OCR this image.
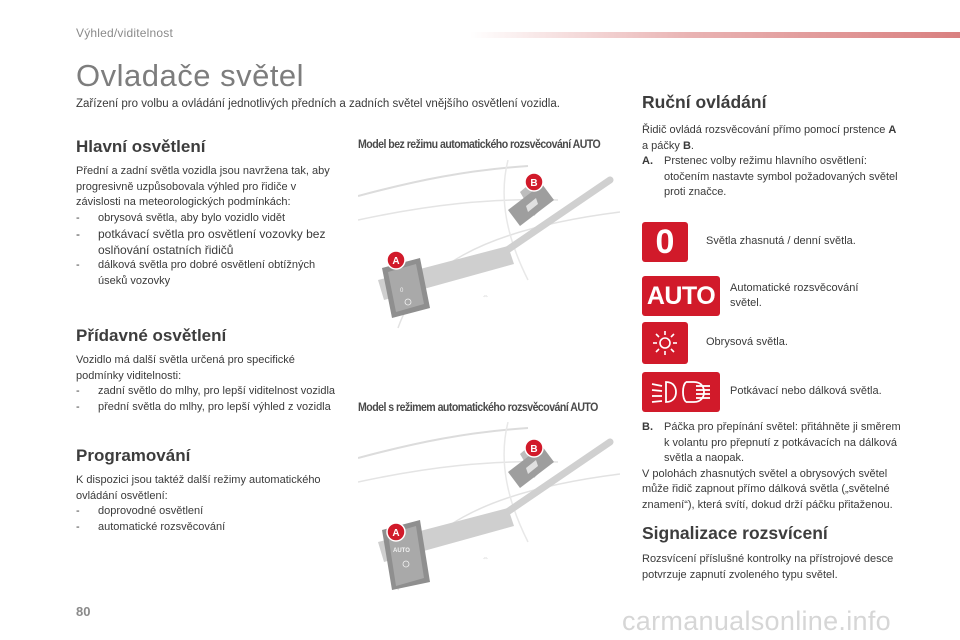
Výhled/viditelnost
Ovladače světel

Zařízení pro volbu a ovládání jednotlivých předních a zadních světel vnějšího osvětlení vozidla.

Hlavní osvětlení

Přední a zadní světla vozidla jsou navržena tak, aby progresivně uzpůsobovala výhled pro řidiče v závislosti na meteorologických podmínkách:

-	obrysová světla, aby bylo vozidlo vidět
-	potkávací světla pro osvětlení vozovky bez oslňování ostatních řidičů
-	dálková světla pro dobré osvětlení obtížných úseků vozovky
Přídavné osvětlení

Vozidlo má další světla určená pro specifické podmínky viditelnosti:

-	zadní světlo do mlhy, pro lepší viditelnost vozidla
-	přední světla do mlhy, pro lepší výhled z vozidla
Programování

K dispozici jsou taktéž další režimy automatického ovládání osvětlení:

-	doprovodné osvětlení
-	automatické rozsvěcování
Model bez režimu automatického rozsvěcování AUTO
0
⇔
A
B
Model s režimem automatického rozsvěcování AUTO
AUTO
⇔
A
B
Ruční ovládání

Řidič ovládá rozsvěcování přímo pomocí prstence A a páčky B.

A.	Prstenec volby režimu hlavního osvětlení: otočením nastavte symbol požadovaných světel proti značce.
0	Světla zhasnutá / denní světla.
AUTO	Automatické rozsvěcování světel.
Obrysová světla.
Potkávací nebo dálková světla.
B.	Páčka pro přepínání světel: přitáhněte ji směrem k volantu pro přepnutí z potkávacích na dálková světla a naopak.

V polohách zhasnutých světel a obrysových světel může řidič zapnout přímo dálková světla („světelné znamení“), která svítí, dokud drží páčku přitaženou.

Signalizace rozsvícení

Rozsvícení příslušné kontrolky na přístrojové desce potvrzuje zapnutí zvoleného typu světel.

80	carmanualsonline.info
